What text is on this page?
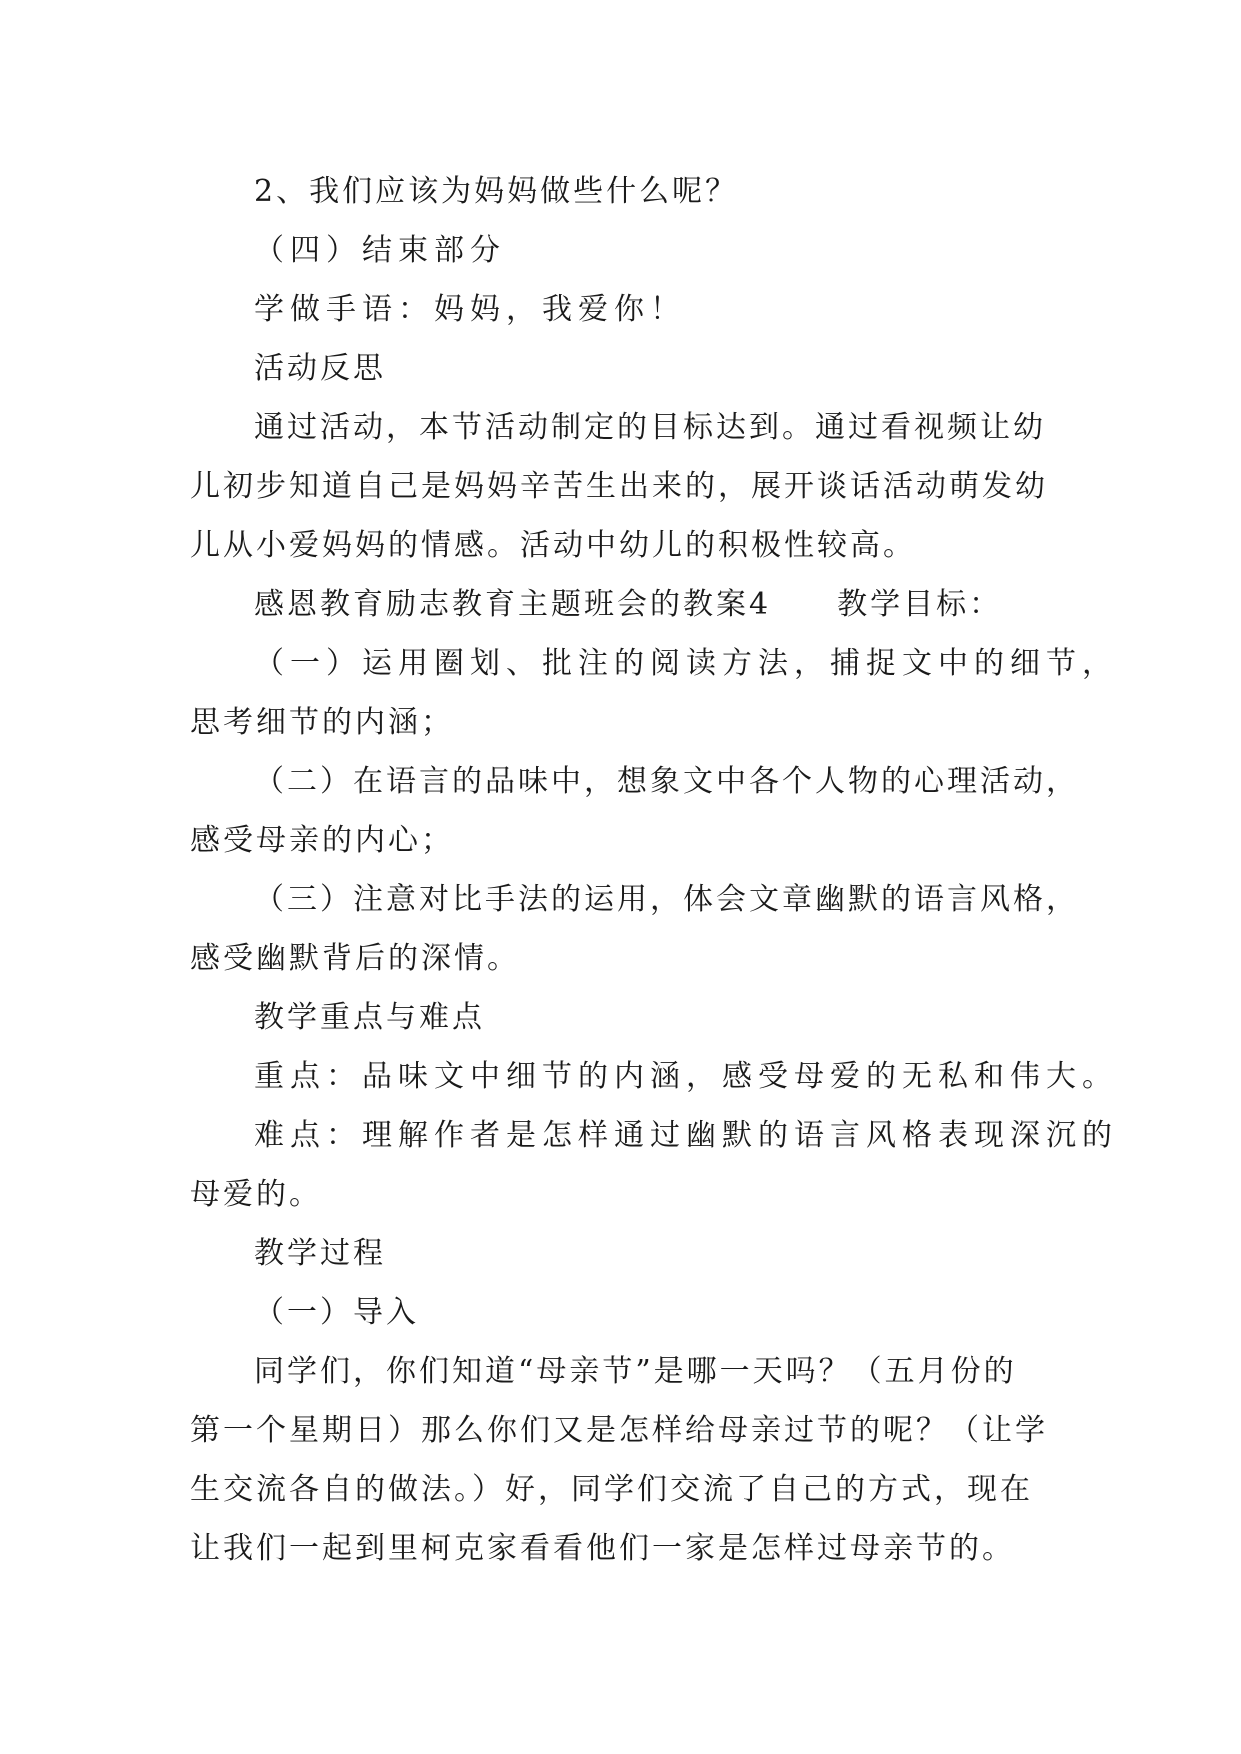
2、我们应该为妈妈做些什么呢？
（四）结束部分
学做手语：妈妈，我爱你！
活动反思
通过活动，本节活动制定的目标达到。通过看视频让幼
儿初步知道自己是妈妈辛苦生出来的，展开谈话活动萌发幼
儿从小爱妈妈的情感。活动中幼儿的积极性较高。
感恩教育励志教育主题班会的教案4　　教学目标：
（一）运用圈划、批注的阅读方法，捕捉文中的细节，
思考细节的内涵；
（二）在语言的品味中，想象文中各个人物的心理活动，
感受母亲的内心；
（三）注意对比手法的运用，体会文章幽默的语言风格，
感受幽默背后的深情。
教学重点与难点
重点：品味文中细节的内涵，感受母爱的无私和伟大。
难点：理解作者是怎样通过幽默的语言风格表现深沉的
母爱的。
教学过程
（一）导入
同学们，你们知道“母亲节”是哪一天吗？（五月份的
第一个星期日）那么你们又是怎样给母亲过节的呢？（让学
生交流各自的做法。）好，同学们交流了自己的方式，现在
让我们一起到里柯克家看看他们一家是怎样过母亲节的。
